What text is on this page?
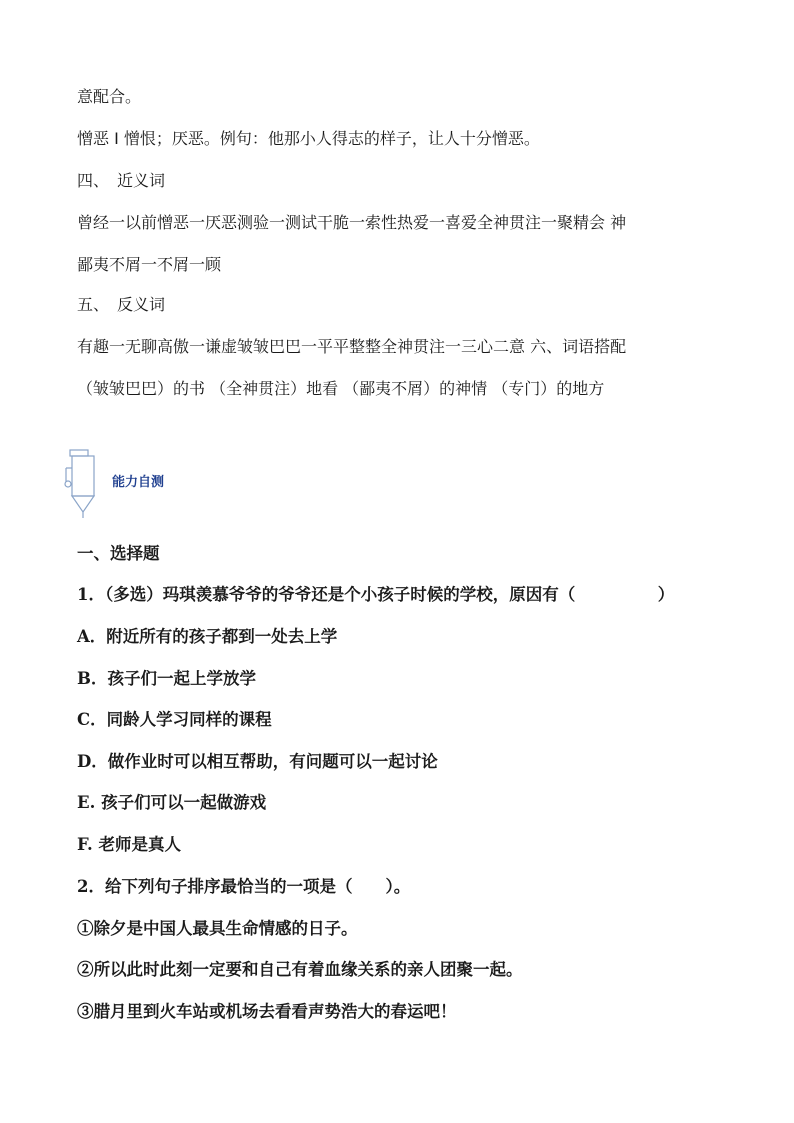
意配合。
憎恶 I 憎恨；厌恶。例句：他那小人得志的样子，让人十分憎恶。
四、　近义词
曾经一以前憎恶一厌恶测验一测试干脆一索性热爱一喜爱全神贯注一聚精会 神
鄙夷不屑一不屑一顾
五、　反义词
有趣一无聊高傲一谦虚皱皱巴巴一平平整整全神贯注一三心二意 六、词语搭配
（皱皱巴巴）的书 （全神贯注）地看 （鄙夷不屑）的神情 （专门）的地方
能力自测
一、选择题
1．（多选）玛琪羡慕爷爷的爷爷还是个小孩子时候的学校，原因有（　　　　　）
A．附近所有的孩子都到一处去上学
B．孩子们一起上学放学
C．同龄人学习同样的课程
D．做作业时可以相互帮助，有问题可以一起讨论
E. 孩子们可以一起做游戏
F. 老师是真人
2．给下列句子排序最恰当的一项是（　　）。
①除夕是中国人最具生命情感的日子。
②所以此时此刻一定要和自己有着血缘关系的亲人团聚一起。
③腊月里到火车站或机场去看看声势浩大的春运吧！
